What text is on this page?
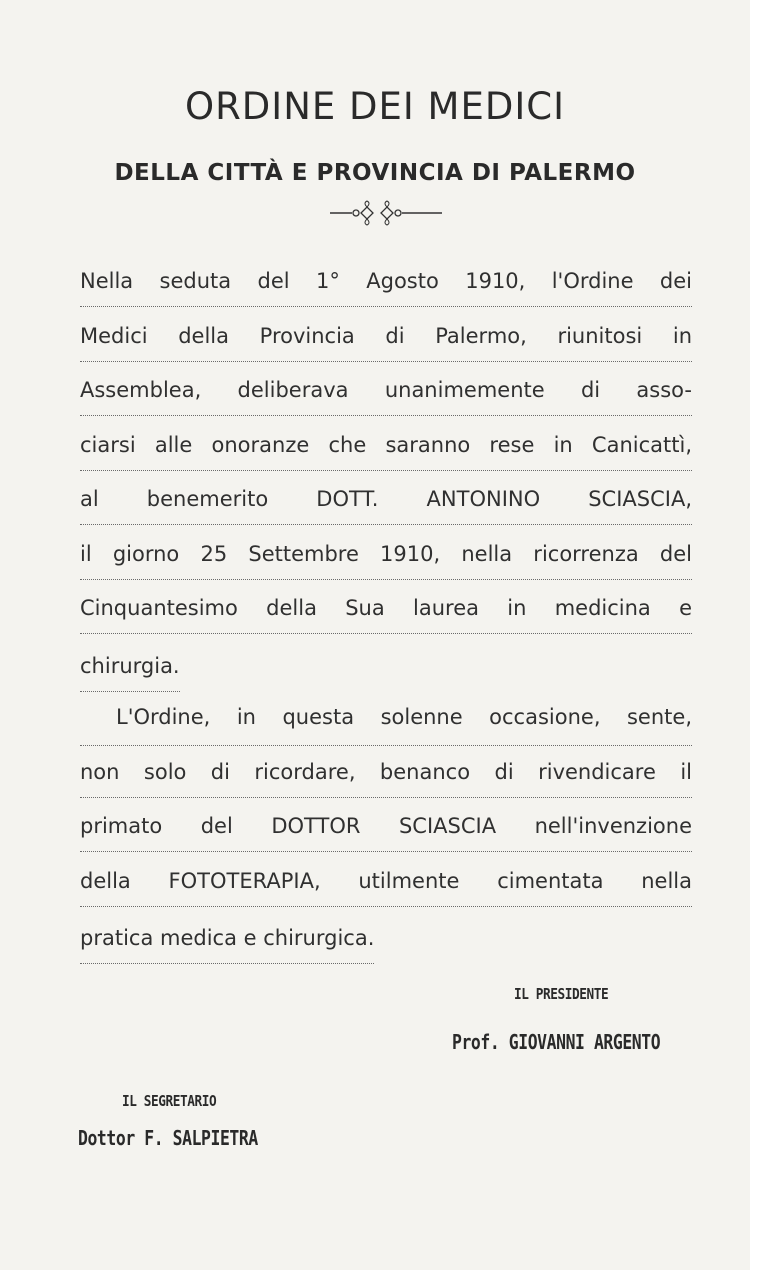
ORDINE DEI MEDICI
DELLA CITTÀ E PROVINCIA DI PALERMO
Nella seduta del 1° Agosto 1910, l'Ordine dei
Medici della Provincia di Palermo, riunitosi in
Assemblea, deliberava unanimemente di asso-
ciarsi alle onoranze che saranno rese in Canicattì,
al benemerito DOTT. ANTONINO SCIASCIA,
il giorno 25 Settembre 1910, nella ricorrenza del
Cinquantesimo della Sua laurea in medicina e
chirurgia.
L'Ordine, in questa solenne occasione, sente,
non solo di ricordare, benanco di rivendicare il
primato del DOTTOR SCIASCIA nell'invenzione
della FOTOTERAPIA, utilmente cimentata nella
pratica medica e chirurgica.
IL PRESIDENTE
Prof. GIOVANNI ARGENTO
IL SEGRETARIO
Dottor F. SALPIETRA
